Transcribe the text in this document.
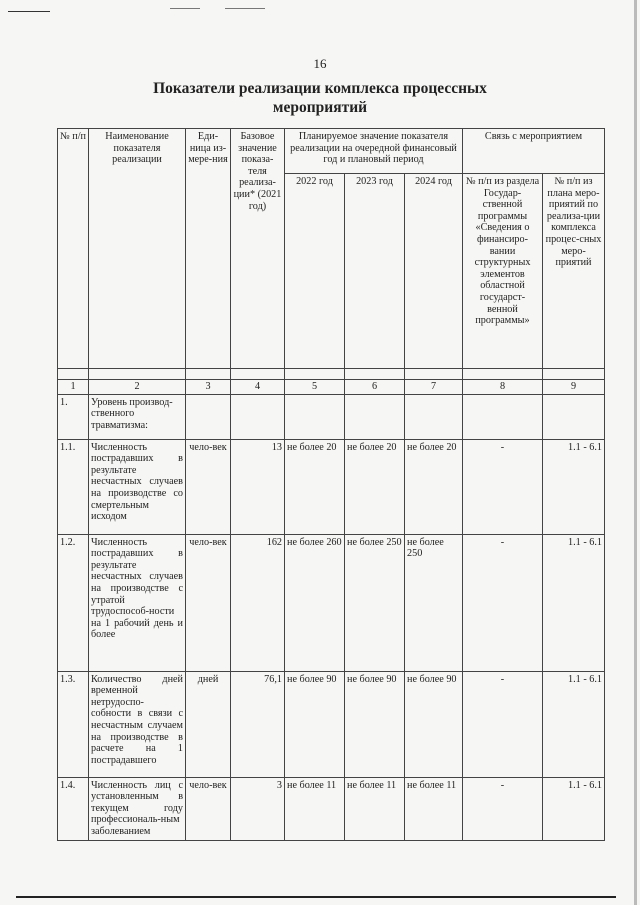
16
Показатели реализации комплекса процессных
мероприятий
№ п/п	Наименование показателя реализации	Еди-ница из-мере-ния	Базовое значение показа-теля реализа-ции* (2021 год)	Планируемое значение показателя реализации на очередной финансовый год и плановый период			Связь с мероприятием	
				2022 год	2023 год	2024 год	№ п/п из раздела Государ-ственной программы «Сведения о финансиро-вании структурных элементов областной государст-венной программы»	№ п/п из плана меро-приятий по реализа-ции комплекса процес-сных меро-приятий

1	2	3	4	5	6	7	8	9
1.	Уровень производ-ственного травматизма:							
1.1.	Численность пострадавших в результате несчастных случаев на производстве со смертельным исходом	чело-век	13	не более 20	не более 20	не более 20	-	1.1 - 6.1
1.2.	Численность пострадавших в результате несчастных случаев на производстве с утратой трудоспособ-ности на 1 рабочий день и более	чело-век	162	не более 260	не более 250	не более 250	-	1.1 - 6.1
1.3.	Количество дней временной нетрудоспо-собности в связи с несчастным случаем на производстве в расчете на 1 пострадавшего	дней	76,1	не более 90	не более 90	не более 90	-	1.1 - 6.1
1.4.	Численность лиц с установленным в текущем году профессиональ-ным заболеванием	чело-век	3	не более 11	не более 11	не более 11	-	1.1 - 6.1
